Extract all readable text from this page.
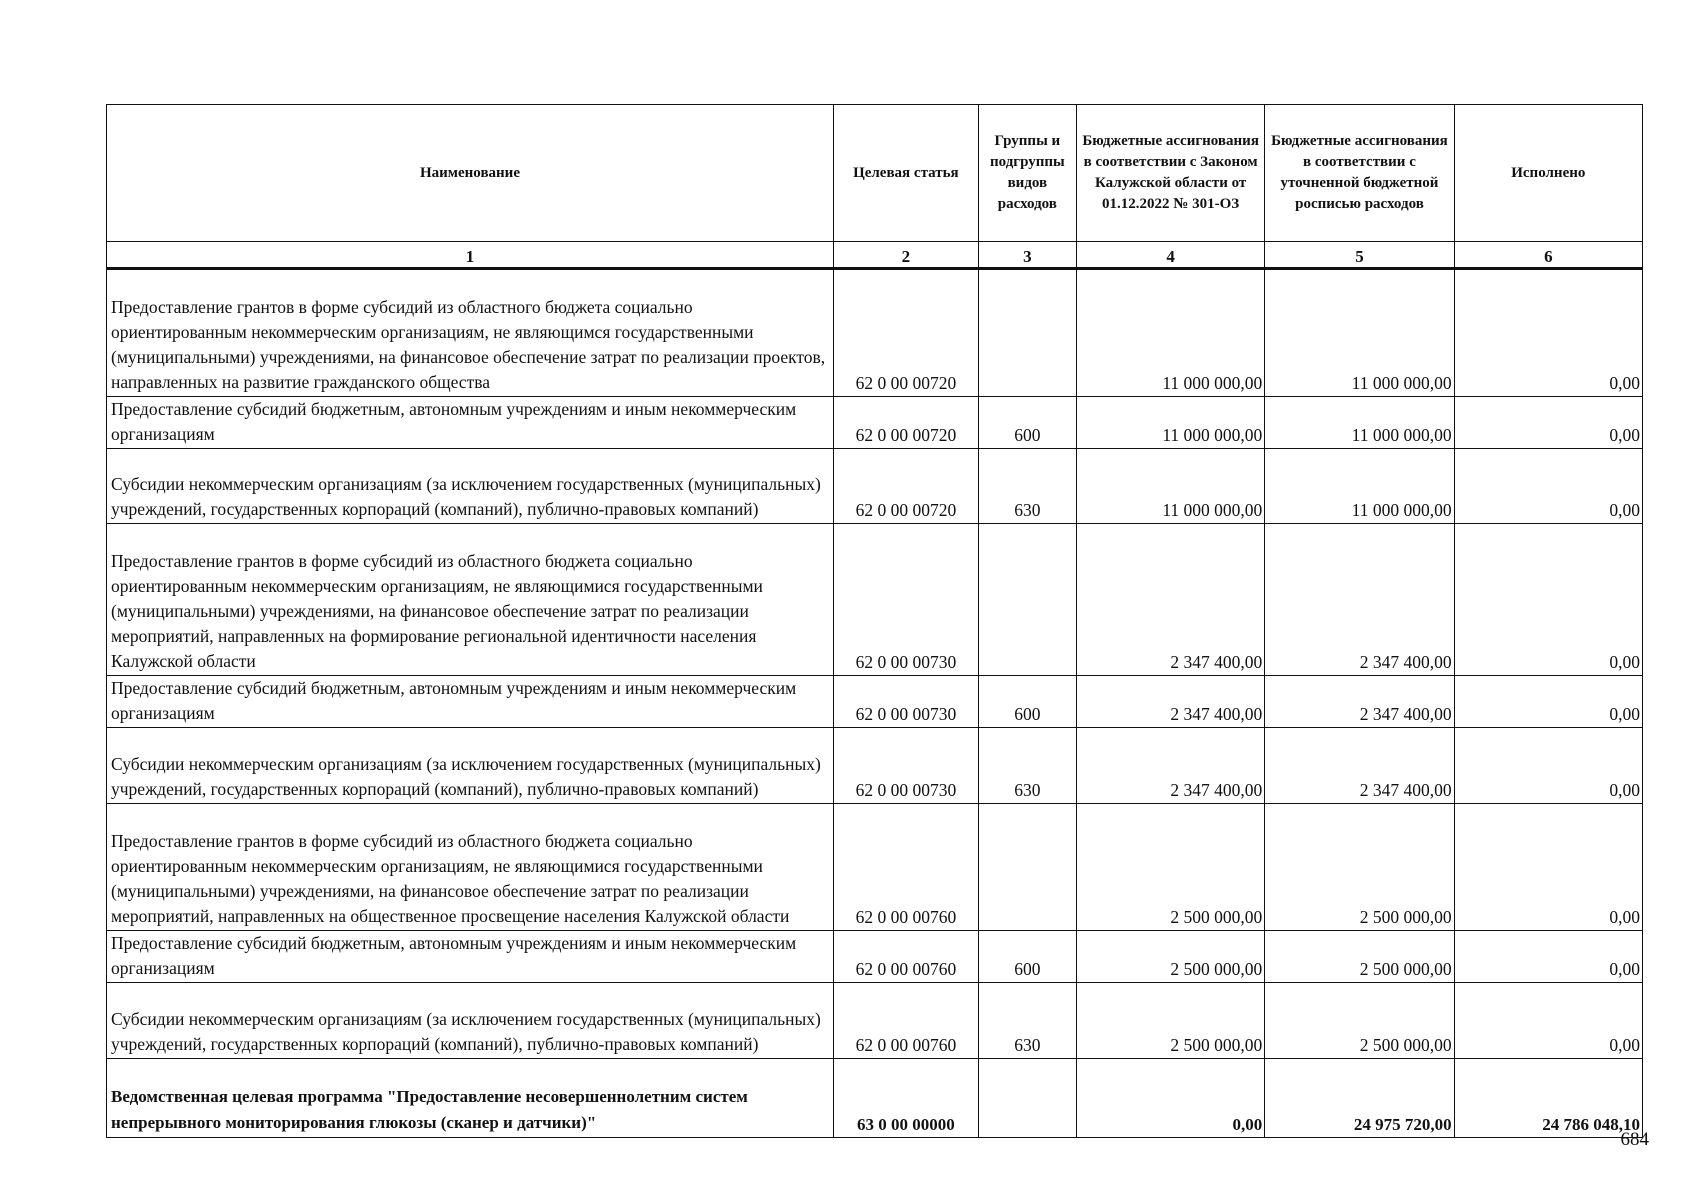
Наименование	Целевая статья	Группы и подгруппы видов расходов	Бюджетные ассигнования в соответствии с Законом Калужской области от 01.12.2022 № 301-ОЗ	Бюджетные ассигнования в соответствии с уточненной бюджетной росписью расходов	Исполнено
1	2	3	4	5	6
Предоставление грантов в форме субсидий из областного бюджета социально ориентированным некоммерческим организациям, не являющимся государственными (муниципальными) учреждениями, на финансовое обеспечение затрат по реализации проектов, направленных на развитие гражданского общества	62 0 00 00720		11 000 000,00	11 000 000,00	0,00
Предоставление субсидий бюджетным, автономным учреждениям и иным некоммерческим организациям	62 0 00 00720	600	11 000 000,00	11 000 000,00	0,00
Субсидии некоммерческим организациям (за исключением государственных (муниципальных) учреждений, государственных корпораций (компаний), публично-правовых компаний)	62 0 00 00720	630	11 000 000,00	11 000 000,00	0,00
Предоставление грантов в форме субсидий из областного бюджета социально ориентированным некоммерческим организациям, не являющимися государственными (муниципальными) учреждениями, на финансовое обеспечение затрат по реализации мероприятий, направленных на формирование региональной идентичности населения Калужской области	62 0 00 00730		2 347 400,00	2 347 400,00	0,00
Предоставление субсидий бюджетным, автономным учреждениям и иным некоммерческим организациям	62 0 00 00730	600	2 347 400,00	2 347 400,00	0,00
Субсидии некоммерческим организациям (за исключением государственных (муниципальных) учреждений, государственных корпораций (компаний), публично-правовых компаний)	62 0 00 00730	630	2 347 400,00	2 347 400,00	0,00
Предоставление грантов в форме субсидий из областного бюджета социально ориентированным некоммерческим организациям, не являющимися государственными (муниципальными) учреждениями, на финансовое обеспечение затрат по реализации мероприятий, направленных на общественное просвещение населения Калужской области	62 0 00 00760		2 500 000,00	2 500 000,00	0,00
Предоставление субсидий бюджетным, автономным учреждениям и иным некоммерческим организациям	62 0 00 00760	600	2 500 000,00	2 500 000,00	0,00
Субсидии некоммерческим организациям (за исключением государственных (муниципальных) учреждений, государственных корпораций (компаний), публично-правовых компаний)	62 0 00 00760	630	2 500 000,00	2 500 000,00	0,00
Ведомственная целевая программа "Предоставление несовершеннолетним систем непрерывного мониторирования глюкозы (сканер и датчики)"	63 0 00 00000		0,00	24 975 720,00	24 786 048,10
684
